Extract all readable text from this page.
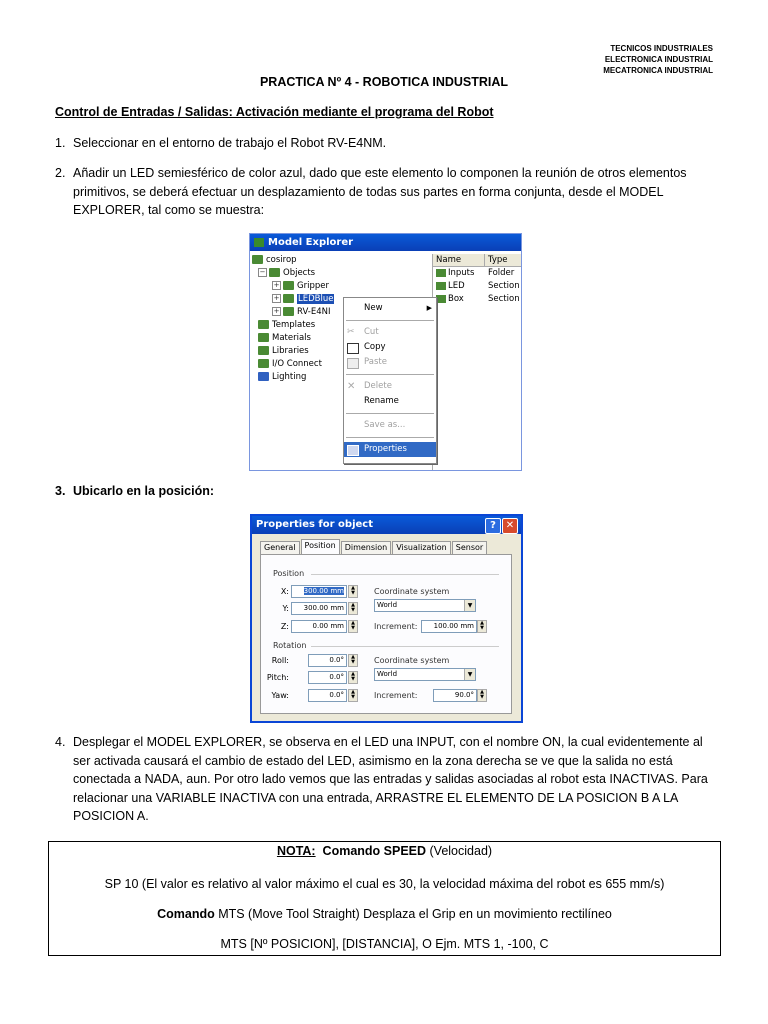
TECNICOS INDUSTRIALES
ELECTRONICA INDUSTRIAL
MECATRONICA INDUSTRIAL
PRACTICA Nº 4 - ROBOTICA INDUSTRIAL
Control de Entradas / Salidas: Activación mediante el programa del Robot
1. Seleccionar en el entorno de trabajo el Robot RV-E4NM.
2. Añadir un LED semiesférico de color azul, dado que este elemento lo componen la reunión de otros elementos primitivos, se deberá efectuar un desplazamiento de todas sus partes en forma conjunta, desde el MODEL EXPLORER, tal como se muestra:
Model Explorer
cosirop
− Objects
+ Gripper
+ LEDBlue
+ RV-E4NI
Templates
Materials
Libraries
I/O Connect
Lighting
Name	Type
Inputs	Folder
LED	Section
Box	Section
New	▶
✂ Cut
Copy
Paste
✕ Delete
Rename
Save as...
Properties
3. Ubicarlo en la posición:
Properties for object	? ✕
General	Position	Dimension	Visualization	Sensor
Position
X:	300.00 mm	▲
▼
Y:	300.00 mm	▲
▼
Z:	0.00 mm	▲
▼
Coordinate system
World	▼
Increment:	100.00 mm	▲
▼
Rotation
Roll:	0.0°	▲
▼
Pitch:	0.0°	▲
▼
Yaw:	0.0°	▲
▼
Coordinate system
World	▼
Increment:	90.0°	▲
▼
4. Desplegar el MODEL EXPLORER, se observa en el LED una INPUT, con el nombre ON, la cual evidentemente al ser activada causará el cambio de estado del LED, asimismo en la zona derecha se ve que la salida no está conectada a NADA, aun. Por otro lado vemos que las entradas y salidas asociadas al robot esta INACTIVAS. Para relacionar una VARIABLE INACTIVA con una entrada, ARRASTRE EL ELEMENTO DE LA POSICION B A LA POSICION A.
NOTA: Comando SPEED (Velocidad)
SP 10 (El valor es relativo al valor máximo el cual es 30, la velocidad máxima del robot es 655 mm/s)
Comando MTS (Move Tool Straight) Desplaza el Grip en un movimiento rectilíneo
MTS [Nº POSICION], [DISTANCIA], O Ejm. MTS 1, -100, C
